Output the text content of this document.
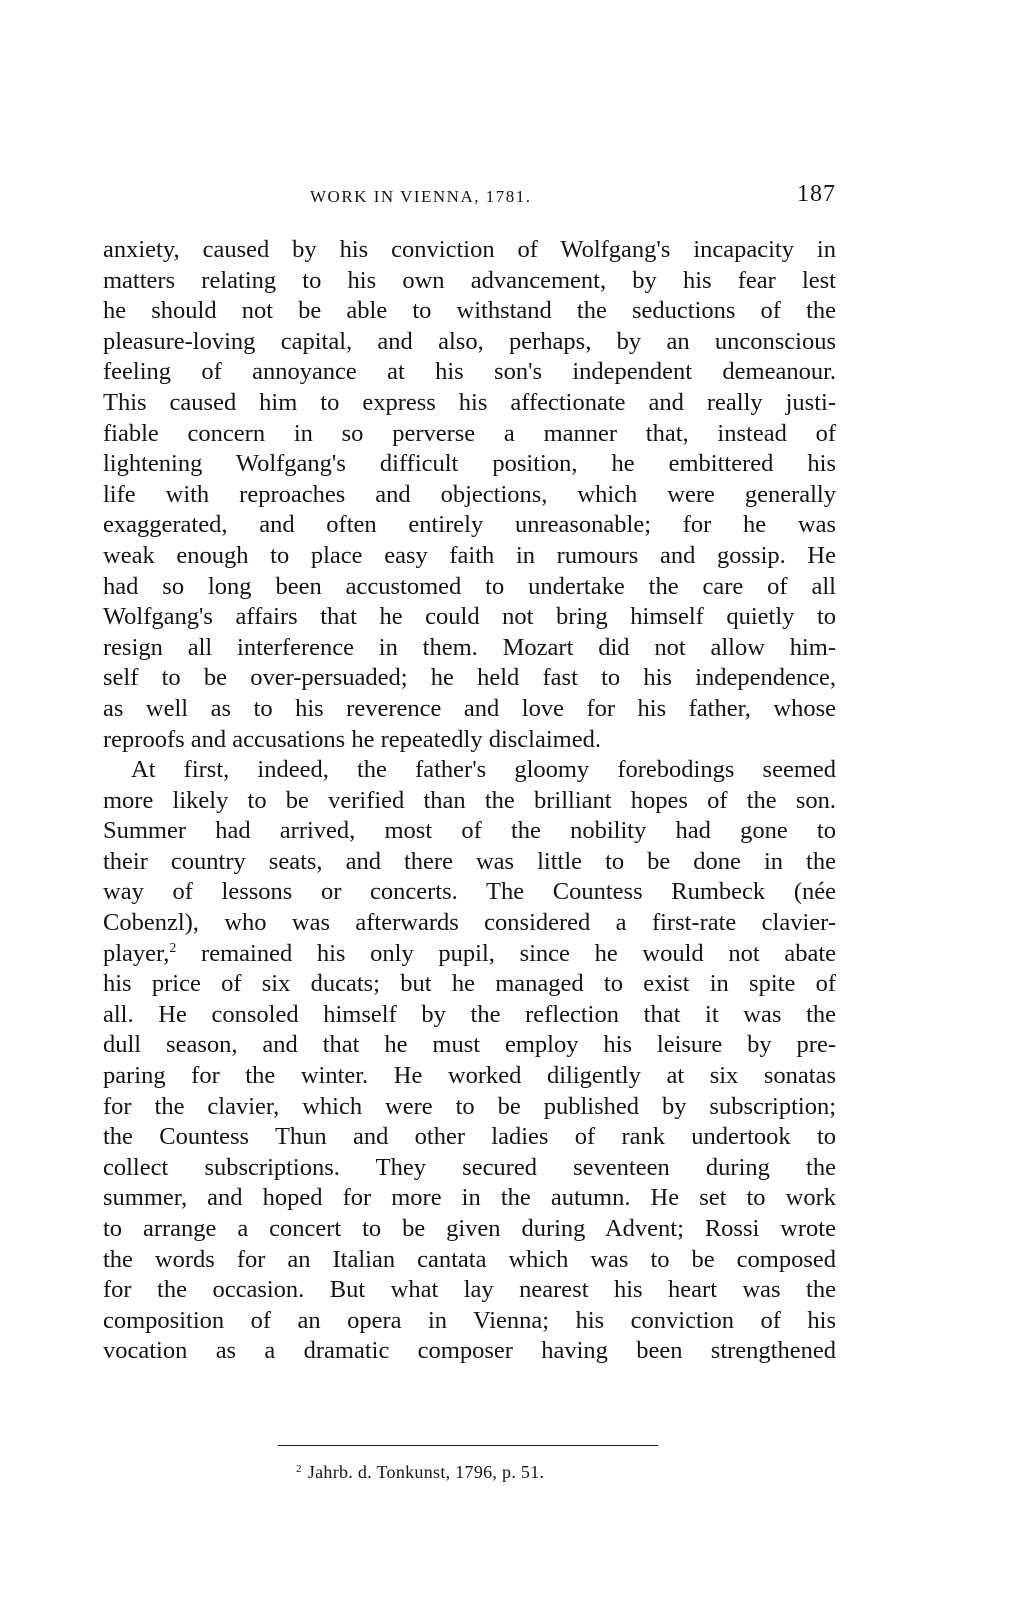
WORK IN VIENNA, 1781.	187
anxiety, caused by his conviction of Wolfgang's incapacity in
matters relating to his own advancement, by his fear lest
he should not be able to withstand the seductions of the
pleasure-loving capital, and also, perhaps, by an unconscious
feeling of annoyance at his son's independent demeanour.
This caused him to express his affectionate and really justi-
fiable concern in so perverse a manner that, instead of
lightening Wolfgang's difficult position, he embittered his
life with reproaches and objections, which were generally
exaggerated, and often entirely unreasonable; for he was
weak enough to place easy faith in rumours and gossip. He
had so long been accustomed to undertake the care of all
Wolfgang's affairs that he could not bring himself quietly to
resign all interference in them. Mozart did not allow him-
self to be over-persuaded; he held fast to his independence,
as well as to his reverence and love for his father, whose
reproofs and accusations he repeatedly disclaimed.
At first, indeed, the father's gloomy forebodings seemed
more likely to be verified than the brilliant hopes of the son.
Summer had arrived, most of the nobility had gone to
their country seats, and there was little to be done in the
way of lessons or concerts. The Countess Rumbeck (née
Cobenzl), who was afterwards considered a first-rate clavier-
player,$^2$ remained his only pupil, since he would not abate
his price of six ducats; but he managed to exist in spite of
all. He consoled himself by the reflection that it was the
dull season, and that he must employ his leisure by pre-
paring for the winter. He worked diligently at six sonatas
for the clavier, which were to be published by subscription;
the Countess Thun and other ladies of rank undertook to
collect subscriptions. They secured seventeen during the
summer, and hoped for more in the autumn. He set to work
to arrange a concert to be given during Advent; Rossi wrote
the words for an Italian cantata which was to be composed
for the occasion. But what lay nearest his heart was the
composition of an opera in Vienna; his conviction of his
vocation as a dramatic composer having been strengthened
$^2$ Jahrb. d. Tonkunst, 1796, p. 51.
